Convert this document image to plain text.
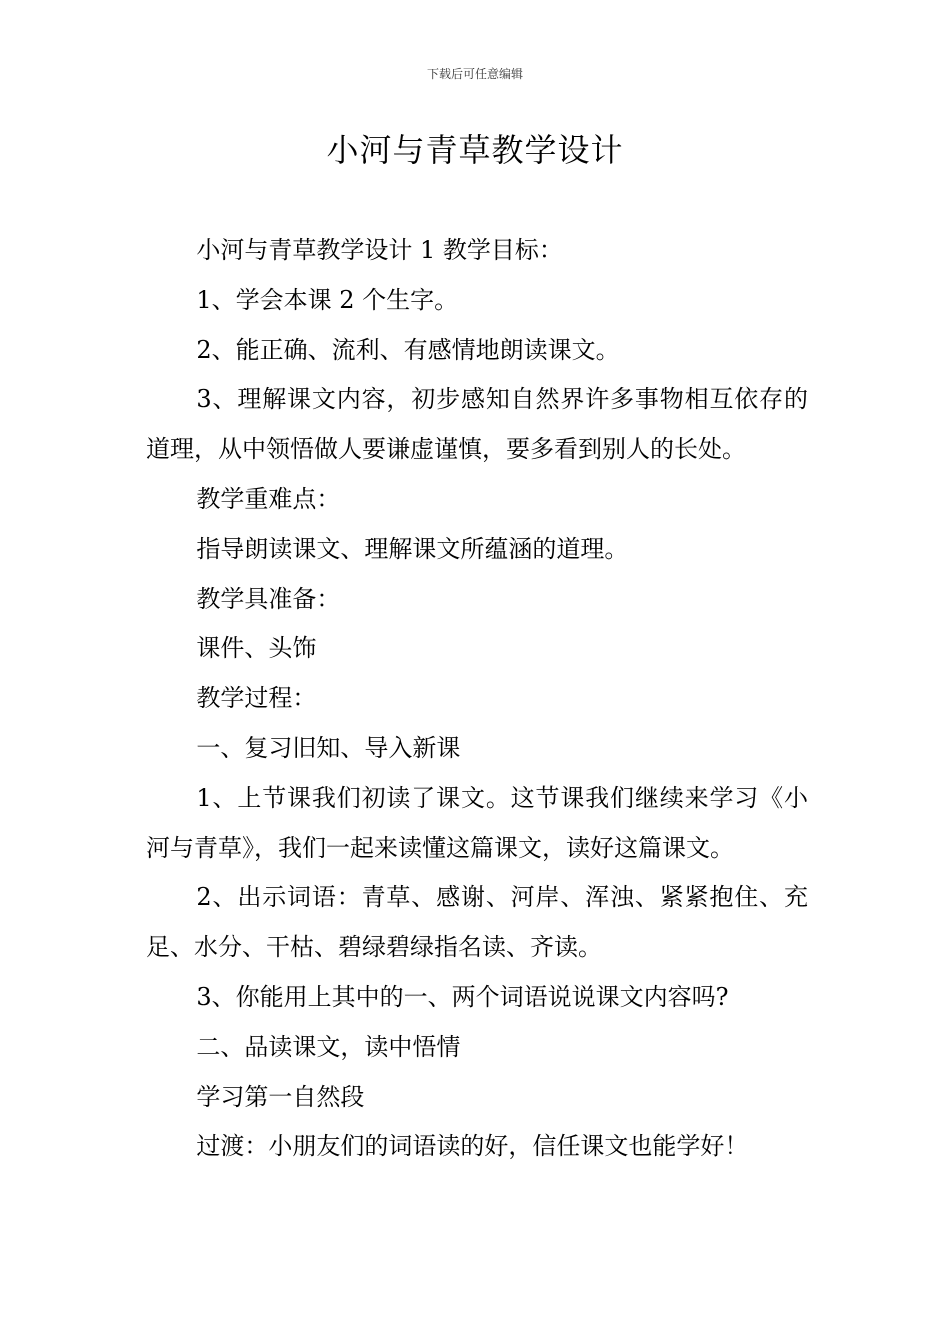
下载后可任意编辑
小河与青草教学设计

小河与青草教学设计 1 教学目标：

1、学会本课 2 个生字。

2、能正确、流利、有感情地朗读课文。

3、理解课文内容，初步感知自然界许多事物相互依存的道理，从中领悟做人要谦虚谨慎，要多看到别人的长处。

教学重难点：

指导朗读课文、理解课文所蕴涵的道理。

教学具准备：

课件、头饰

教学过程：

一、复习旧知、导入新课

1、上节课我们初读了课文。这节课我们继续来学习《小河与青草》，我们一起来读懂这篇课文，读好这篇课文。

2、出示词语：青草、感谢、河岸、浑浊、紧紧抱住、充足、水分、干枯、碧绿碧绿指名读、齐读。

3、你能用上其中的一、两个词语说说课文内容吗?

二、品读课文，读中悟情

学习第一自然段

过渡：小朋友们的词语读的好，信任课文也能学好！
